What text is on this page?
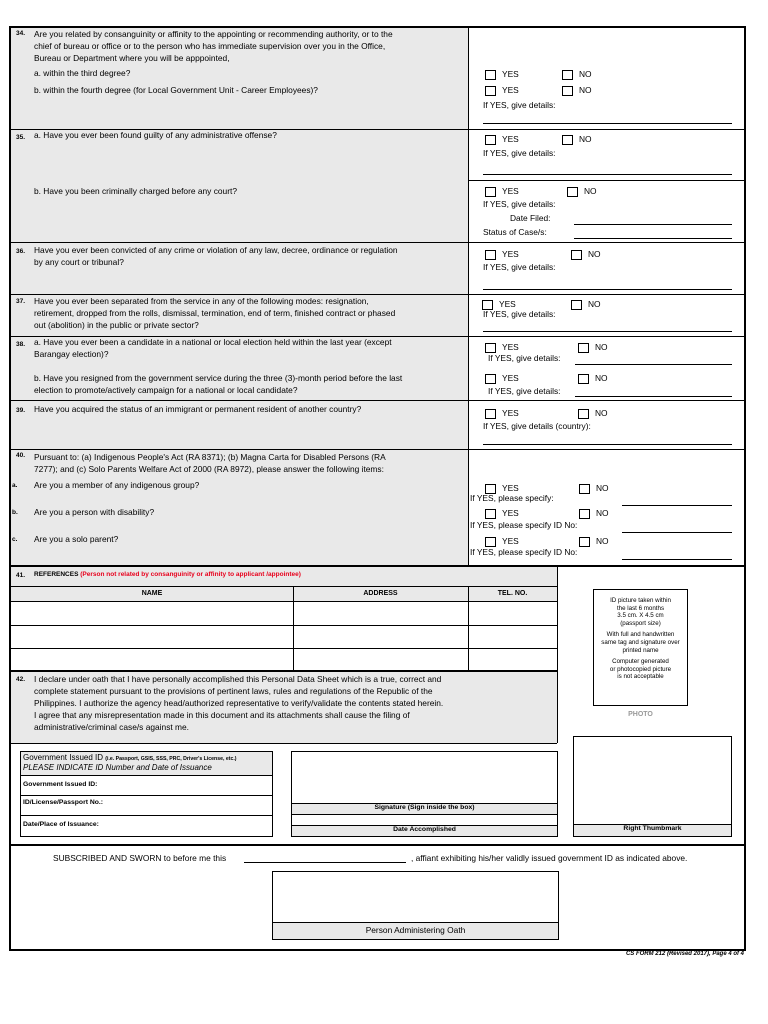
34. Are you related by consanguinity or affinity to the appointing or recommending authority, or to the
chief of bureau or office or to the person who has immediate supervision over you in the Office,
Bureau or Department where you will be apppointed,
a. within the third degree?
b. within the fourth degree (for Local Government Unit - Career Employees)?
YES	NO
YES	NO
If YES, give details:
35. a. Have you ever been found guilty of any administrative offense?
b. Have you been criminally charged before any court?
YES	NO
If YES, give details:
YES	NO
If YES, give details:
Date Filed:
Status of Case/s:
36. Have you ever been convicted of any crime or violation of any law, decree, ordinance or regulation
by any court or tribunal?
YES	NO
If YES, give details:
37. Have you ever been separated from the service in any of the following modes: resignation,
retirement, dropped from the rolls, dismissal, termination, end of term, finished contract or phased
out (abolition) in the public or private sector?
YES	NO
If YES, give details:
38. a. Have you ever been a candidate in a national or local election held within the last year (except
Barangay election)?
b. Have you resigned from the government service during the three (3)-month period before the last
election to promote/actively campaign for a national or local candidate?
YES	NO
If YES, give details:
YES	NO
If YES, give details:
39. Have you acquired the status of an immigrant or permanent resident of another country?	YES	NO
If YES, give details (country):
40. Pursuant to: (a) Indigenous People's Act (RA 8371); (b) Magna Carta for Disabled Persons (RA
7277); and (c) Solo Parents Welfare Act of 2000 (RA 8972), please answer the following items:
a. Are you a member of any indigenous group?
b. Are you a person with disability?
c. Are you a solo parent?
YES	NO
If YES, please specify:
YES	NO
If YES, please specify ID No:
YES	NO
If YES, please specify ID No:
41. REFERENCES (Person not related by consanguinity or affinity to applicant /appointee)
NAME	ADDRESS	TEL. NO.
ID picture taken within
the last 6 months
3.5 cm. X 4.5 cm
(passport size)
With full and handwritten
same tag and signature over
printed name
Computer generated
or photocopied picture
is not acceptable
PHOTO
42. I declare under oath that I have personally accomplished this Personal Data Sheet which is a true, correct and
complete statement pursuant to the provisions of pertinent laws, rules and regulations of the Republic of the
Philippines. I authorize the agency head/authorized representative to verify/validate the contents stated herein.
I agree that any misrepresentation made in this document and its attachments shall cause the filing of
administrative/criminal case/s against me.
Government Issued ID (i.e. Passport, GSIS, SSS, PRC, Driver's License, etc.)
PLEASE INDICATE ID Number and Date of Issuance
Government Issued ID:
ID/License/Passport No.:
Date/Place of Issuance:
Signature (Sign inside the box)
Date Accomplished	Right Thumbmark
SUBSCRIBED AND SWORN to before me this	, affiant exhibiting his/her validly issued government ID as indicated above.
Person Administering Oath
CS FORM 212 (Revised 2017), Page 4 of 4
